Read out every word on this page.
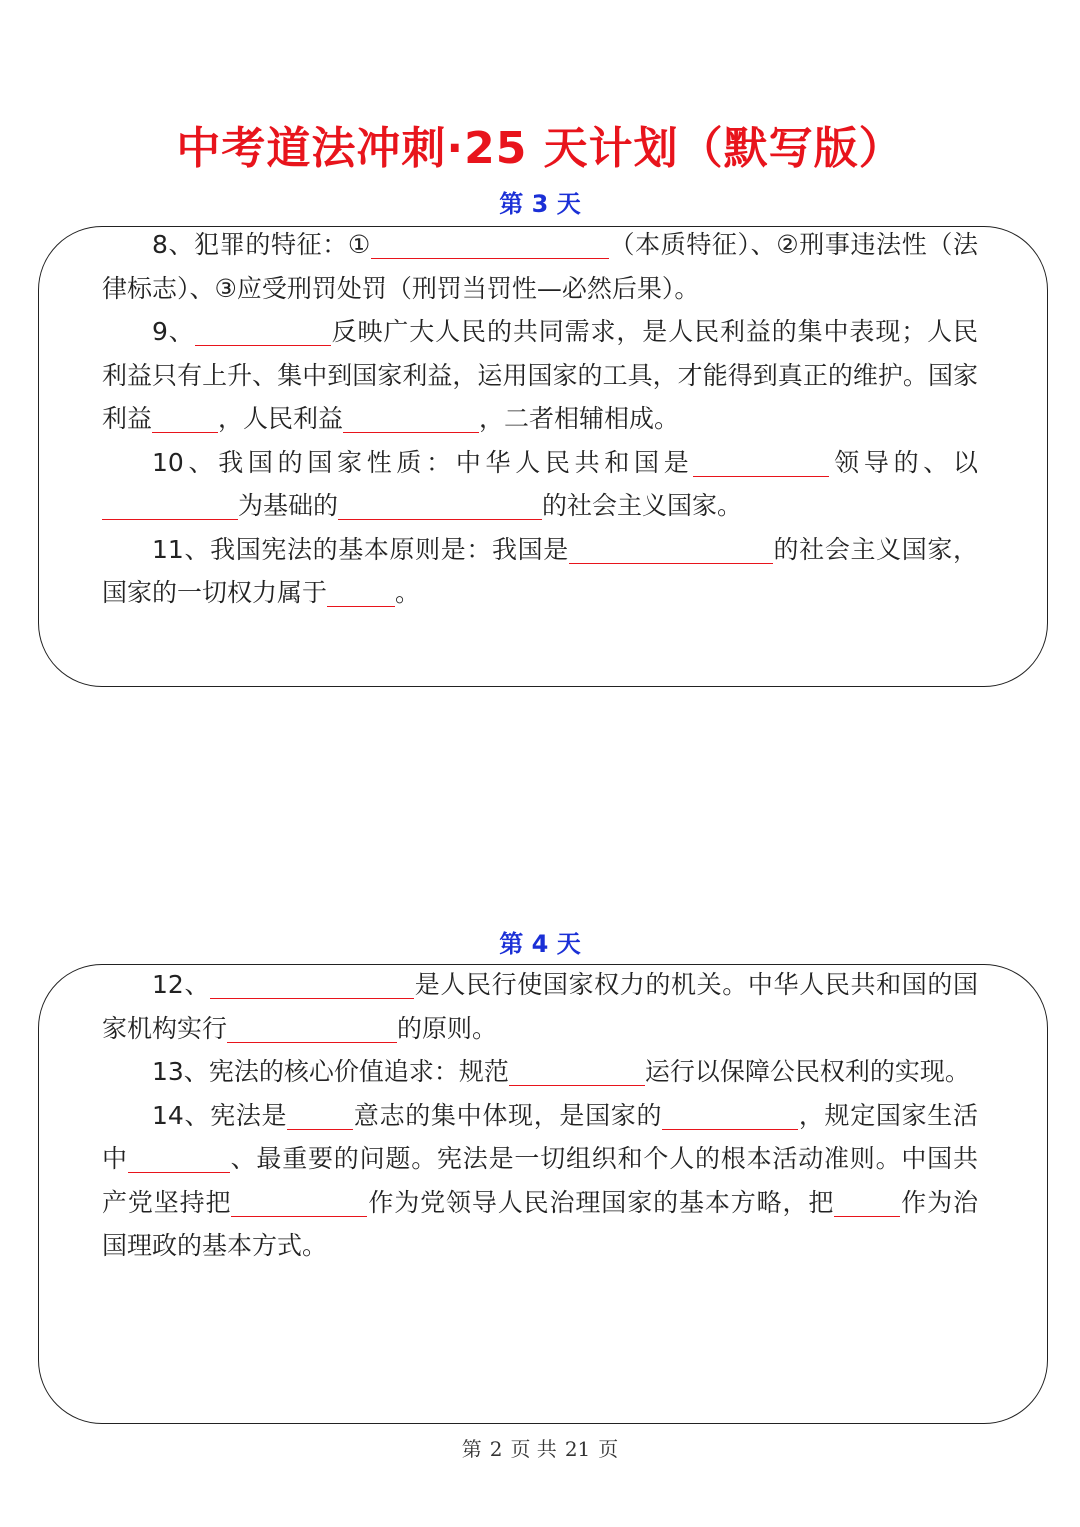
中考道法冲刺·25 天计划（默写版）
第 3 天

8、犯罪的特征：①	（本质特征）、②刑事违法性（法律标志）、③应受刑罚处罚（刑罚当罚性—必然后果）。

9、	反映广大人民的共同需求，是人民利益的集中表现；人民利益只有上升、集中到国家利益，运用国家的工具，才能得到真正的维护。国家利益	，人民利益	，二者相辅相成。

10、我国的国家性质：中华人民共和国是	领导的、以为基础的	的社会主义国家。

11、我国宪法的基本原则是：我国是	的社会主义国家，国家的一切权力属于	。

第 4 天

12、	是人民行使国家权力的机关。中华人民共和国的国家机构实行	的原则。

13、宪法的核心价值追求：规范	运行以保障公民权利的实现。

14、宪法是	意志的集中体现，是国家的	，规定国家生活中	、最重要的问题。宪法是一切组织和个人的根本活动准则。中国共产党坚持把	作为党领导人民治理国家的基本方略，把	作为治国理政的基本方式。

第 2 页 共 21 页
